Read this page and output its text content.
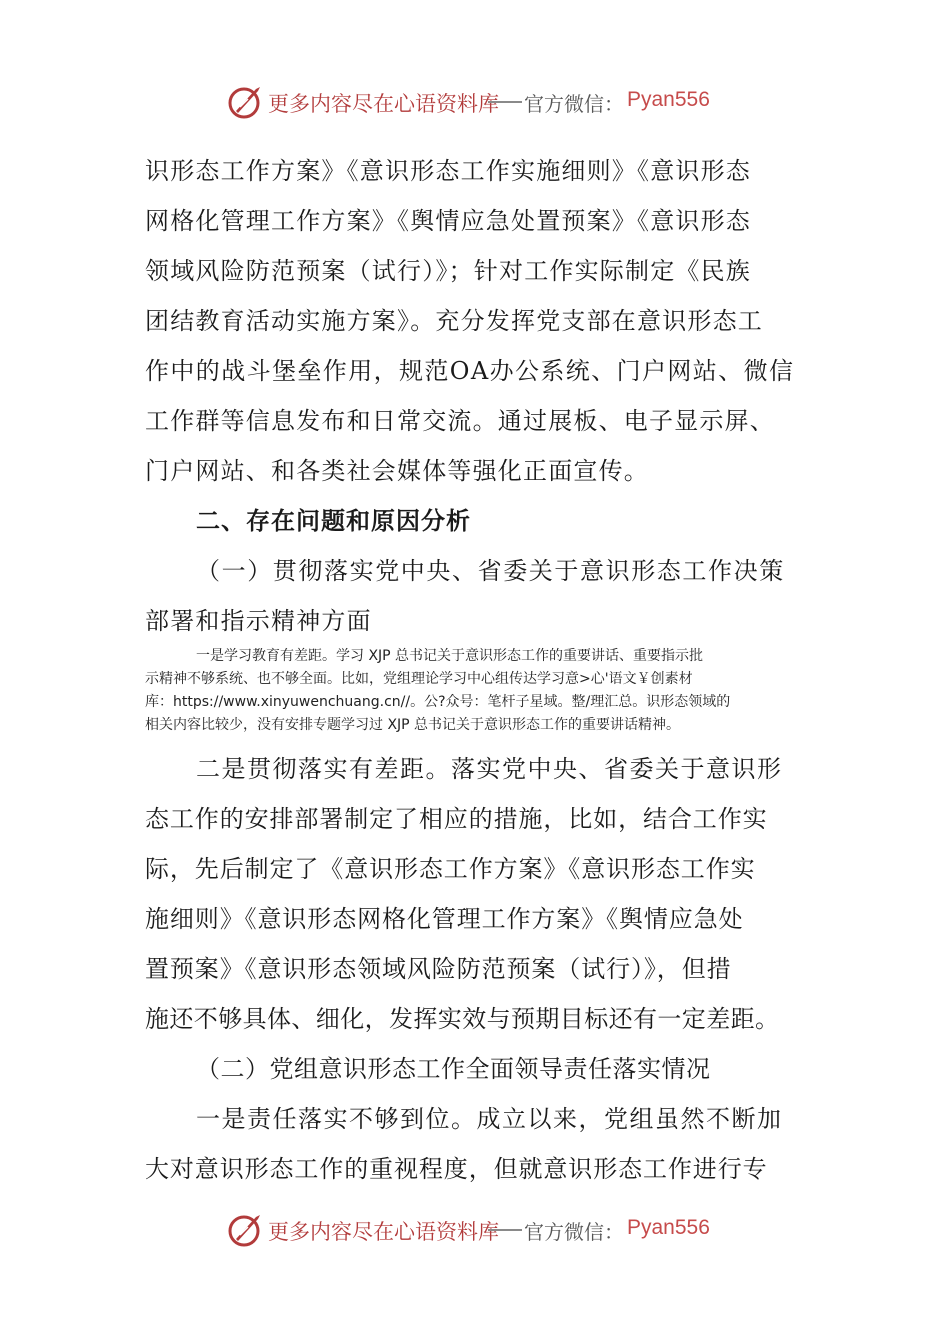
更多内容尽在心语资料库 官方微信： Pyan556
识形态工作方案》《意识形态工作实施细则》《意识形态
网格化管理工作方案》《舆情应急处置预案》《意识形态
领域风险防范预案（试行）》；针对工作实际制定《民族
团结教育活动实施方案》。充分发挥党支部在意识形态工
作中的战斗堡垒作用，规范OA办公系统、门户网站、微信
工作群等信息发布和日常交流。通过展板、电子显示屏、
门户网站、和各类社会媒体等强化正面宣传。
二、存在问题和原因分析
（一）贯彻落实党中央、省委关于意识形态工作决策
部署和指示精神方面
一是学习教育有差距。学习 XJP 总书记关于意识形态工作的重要讲话、重要指示批
示精神不够系统、也不够全面。比如，党组理论学习中心组传达学习意>心'语文￥创素材
库：https://www.xinyuwenchuang.cn//。公?众号：笔杆子星域。整/理汇总。识形态领域的
相关内容比较少，没有安排专题学习过 XJP 总书记关于意识形态工作的重要讲话精神。
二是贯彻落实有差距。落实党中央、省委关于意识形
态工作的安排部署制定了相应的措施，比如，结合工作实
际，先后制定了《意识形态工作方案》《意识形态工作实
施细则》《意识形态网格化管理工作方案》《舆情应急处
置预案》《意识形态领域风险防范预案（试行）》，但措
施还不够具体、细化，发挥实效与预期目标还有一定差距。
（二）党组意识形态工作全面领导责任落实情况
一是责任落实不够到位。成立以来，党组虽然不断加
大对意识形态工作的重视程度，但就意识形态工作进行专
更多内容尽在心语资料库 官方微信： Pyan556
